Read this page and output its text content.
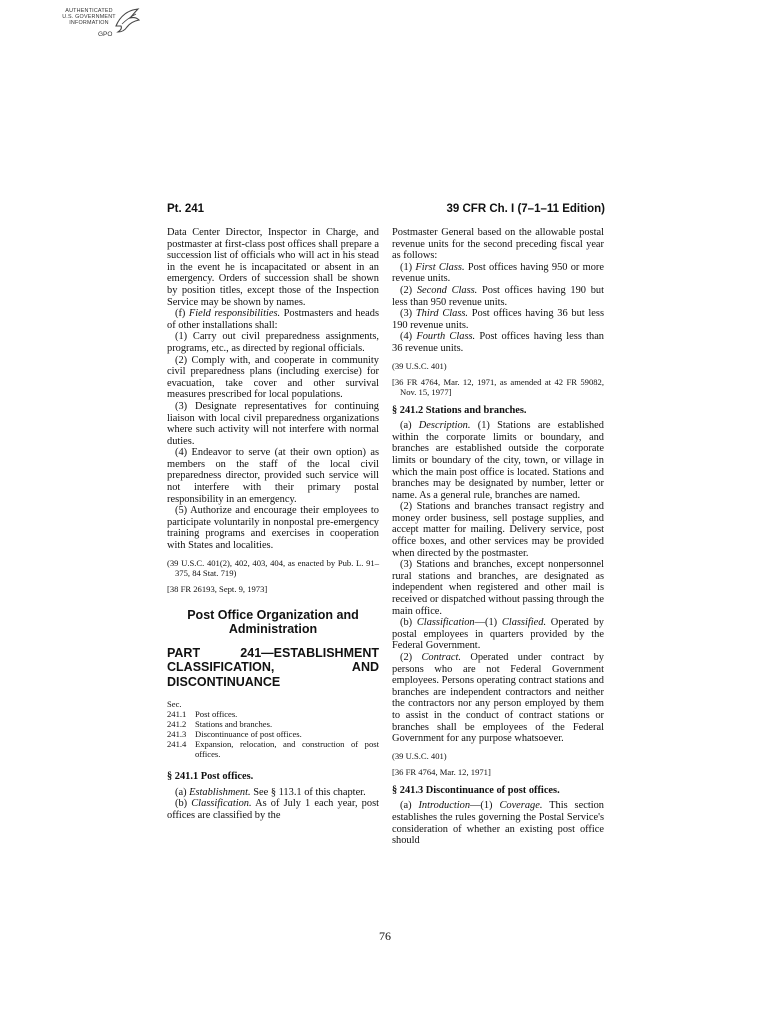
AUTHENTICATED
U.S. GOVERNMENT
INFORMATION
GPO
Pt. 241	39 CFR Ch. I (7–1–11 Edition)

Data Center Director, Inspector in Charge, and postmaster at first-class post offices shall prepare a succession list of officials who will act in his stead in the event he is incapacitated or absent in an emergency. Orders of succession shall be shown by position titles, except those of the Inspection Service may be shown by names.

(f) Field responsibilities. Postmasters and heads of other installations shall:

(1) Carry out civil preparedness assignments, programs, etc., as directed by regional officials.

(2) Comply with, and cooperate in community civil preparedness plans (including exercise) for evacuation, take cover and other survival measures prescribed for local populations.

(3) Designate representatives for continuing liaison with local civil preparedness organizations where such activity will not interfere with normal duties.

(4) Endeavor to serve (at their own option) as members on the staff of the local civil preparedness director, provided such service will not interfere with their primary postal responsibility in an emergency.

(5) Authorize and encourage their employees to participate voluntarily in nonpostal pre-emergency training programs and exercises in cooperation with States and localities.

(39 U.S.C. 401(2), 402, 403, 404, as enacted by Pub. L. 91–375, 84 Stat. 719)

[38 FR 26193, Sept. 9, 1973]

Post Office Organization and Administration

PART 241—ESTABLISHMENT CLASSIFICATION, AND DISCONTINUANCE

Sec.
241.1	Post offices.
241.2	Stations and branches.
241.3	Discontinuance of post offices.
241.4	Expansion, relocation, and construction of post offices.

§ 241.1 Post offices.

(a) Establishment. See § 113.1 of this chapter.

(b) Classification. As of July 1 each year, post offices are classified by the

Postmaster General based on the allowable postal revenue units for the second preceding fiscal year as follows:

(1) First Class. Post offices having 950 or more revenue units.

(2) Second Class. Post offices having 190 but less than 950 revenue units.

(3) Third Class. Post offices having 36 but less 190 revenue units.

(4) Fourth Class. Post offices having less than 36 revenue units.

(39 U.S.C. 401)

[36 FR 4764, Mar. 12, 1971, as amended at 42 FR 59082, Nov. 15, 1977]

§ 241.2 Stations and branches.

(a) Description. (1) Stations are established within the corporate limits or boundary, and branches are established outside the corporate limits or boundary of the city, town, or village in which the main post office is located. Stations and branches may be designated by number, letter or name. As a general rule, branches are named.

(2) Stations and branches transact registry and money order business, sell postage supplies, and accept matter for mailing. Delivery service, post office boxes, and other services may be provided when directed by the postmaster.

(3) Stations and branches, except nonpersonnel rural stations and branches, are designated as independent when registered and other mail is received or dispatched without passing through the main office.

(b) Classification—(1) Classified. Operated by postal employees in quarters provided by the Federal Government.

(2) Contract. Operated under contract by persons who are not Federal Government employees. Persons operating contract stations and branches are independent contractors and neither the contractors nor any person employed by them to assist in the conduct of contract stations or branches shall be employees of the Federal Government for any purpose whatsoever.

(39 U.S.C. 401)

[36 FR 4764, Mar. 12, 1971]

§ 241.3 Discontinuance of post offices.

(a) Introduction—(1) Coverage. This section establishes the rules governing the Postal Service's consideration of whether an existing post office should

76
